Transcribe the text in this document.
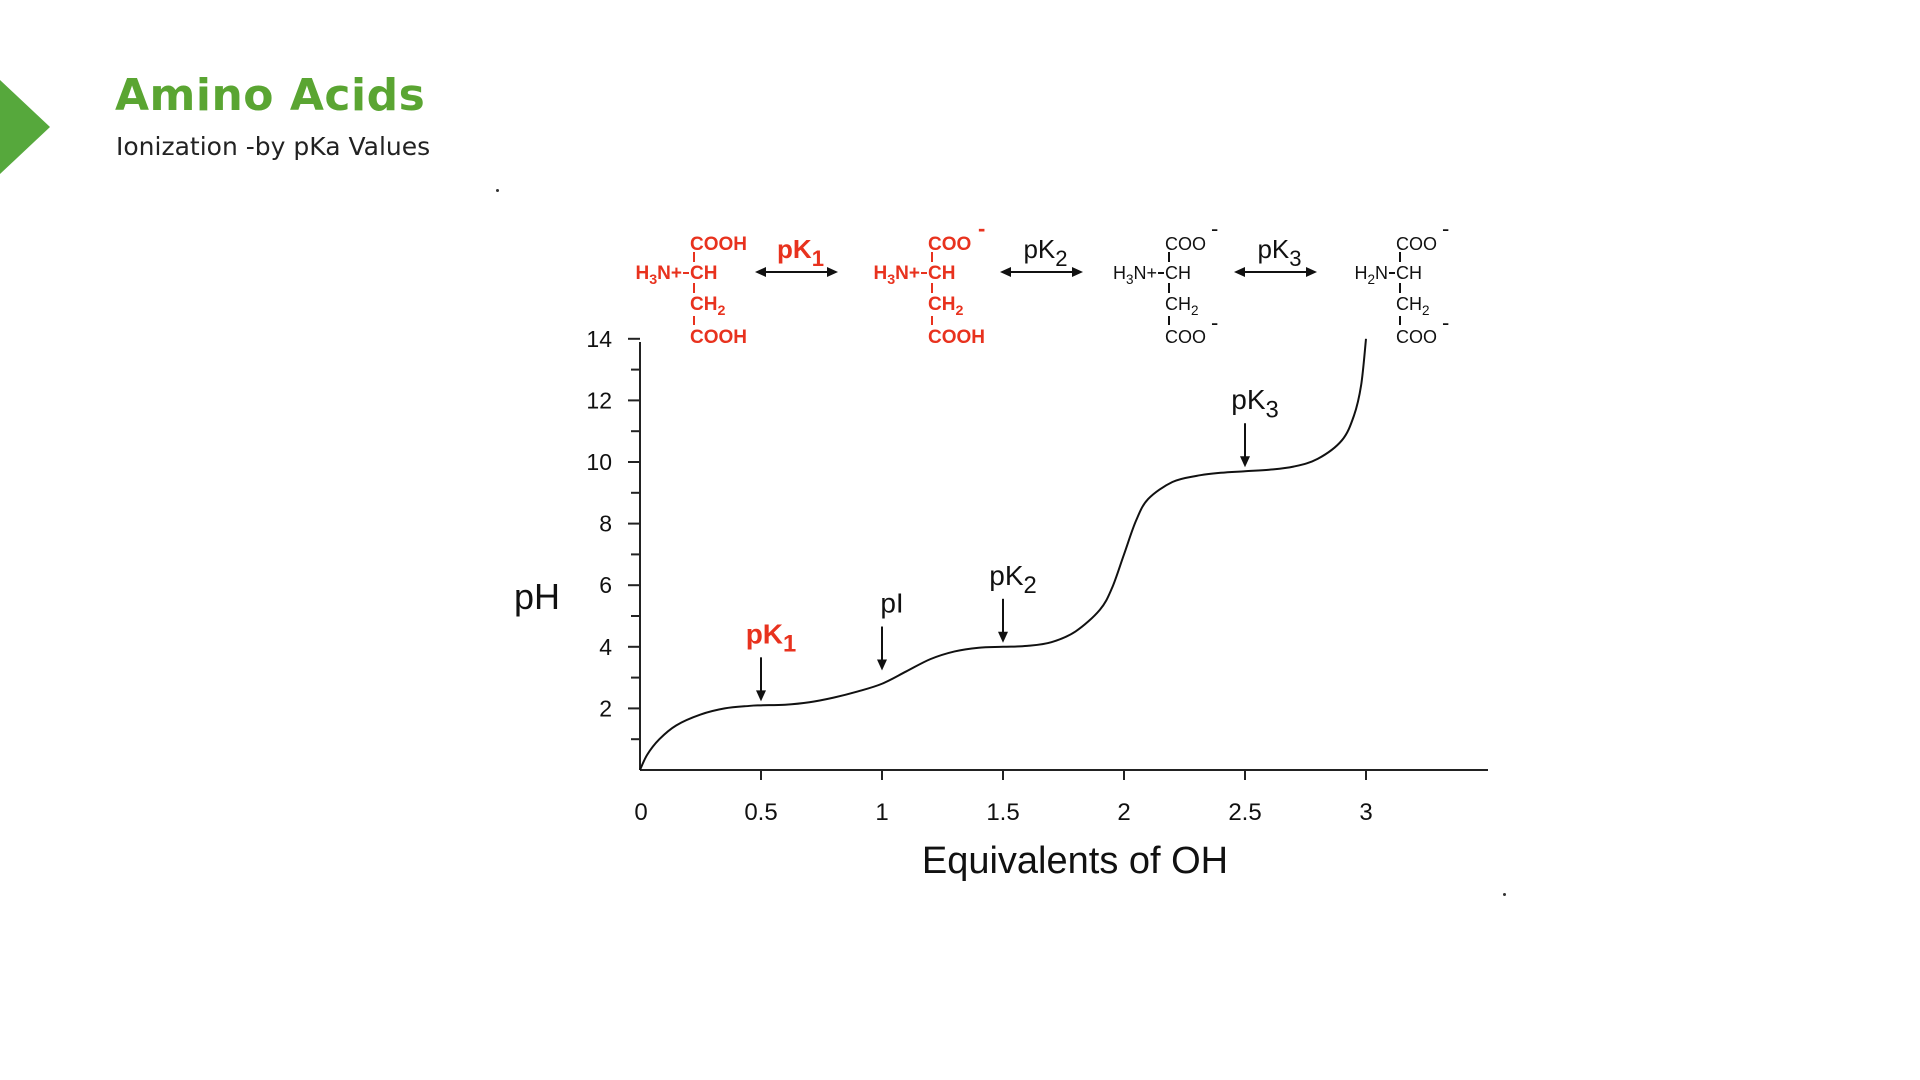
Amino Acids
Ionization -by pKa Values
2
4
6
8
10
12
14
0	0.5	1	1.5	2	2.5	3
$pK_1$
pI
$pK_2$
$pK_3$
COOH
$H_3N+$ CH
$CH_2$
COOH
COO
-
$H_3N+$ CH
$CH_2$
COOH
COO
-
$H_3N+$ CH
$CH_2$
COO
-
COO
-
$H_2N$ CH
$CH_2$
COO
-
pK1	pK2	pK3
Equivalents of OH
pH
